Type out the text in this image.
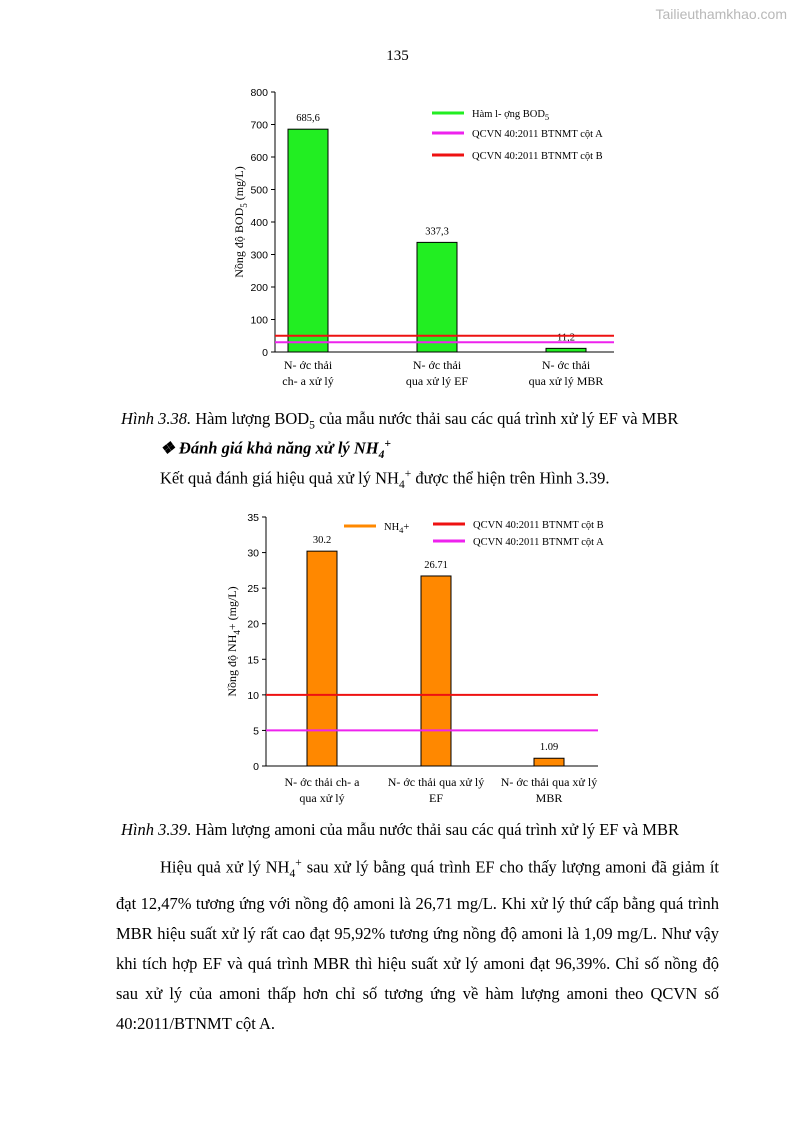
Tailieuthamkhao.com
135
0
100
200
300
400
500
600
700
800
Nồng độ $BOD_5$ (mg/L)
685,6
N- ớc thải
ch- a xử lý
337,3
N- ớc thải
qua xử lý EF
11,2
N- ớc thải
qua xử lý MBR
Hàm l- ợng $BOD_5$
QCVN 40:2011 BTNMT cột A
QCVN 40:2011 BTNMT cột B
Hình 3.38. Hàm lượng $BOD_5$ của mẫu nước thải sau các quá trình xử lý EF và MBR
❖ Đánh giá khả năng xử lý $NH_4^+$
Kết quả đánh giá hiệu quả xử lý $NH_4^+$ được thể hiện trên Hình 3.39.
0
5
10
15
20
25
30
35
Nồng độ $NH_4+ (mg/L)$
30.2
N- ớc thải ch- a
qua xử lý
26.71
N- ớc thải qua xử lý
EF
1.09
N- ớc thải qua xử lý
MBR
$NH_4+$	QCVN 40:2011 BTNMT cột B
QCVN 40:2011 BTNMT cột A
Hình 3.39. Hàm lượng amoni của mẫu nước thải sau các quá trình xử lý EF và MBR

Hiệu quả xử lý $NH_4^+$ sau xử lý bằng quá trình EF cho thấy lượng amoni đã giảm ít đạt 12,47% tương ứng với nồng độ amoni là 26,71 mg/L. Khi xử lý thứ cấp bằng quá trình MBR hiệu suất xử lý rất cao đạt 95,92% tương ứng nồng độ amoni là 1,09 mg/L. Như vậy khi tích hợp EF và quá trình MBR thì hiệu suất xử lý amoni đạt 96,39%. Chỉ số nồng độ sau xử lý của amoni thấp hơn chỉ số tương ứng về hàm lượng amoni theo QCVN số 40:2011/BTNMT cột A.
